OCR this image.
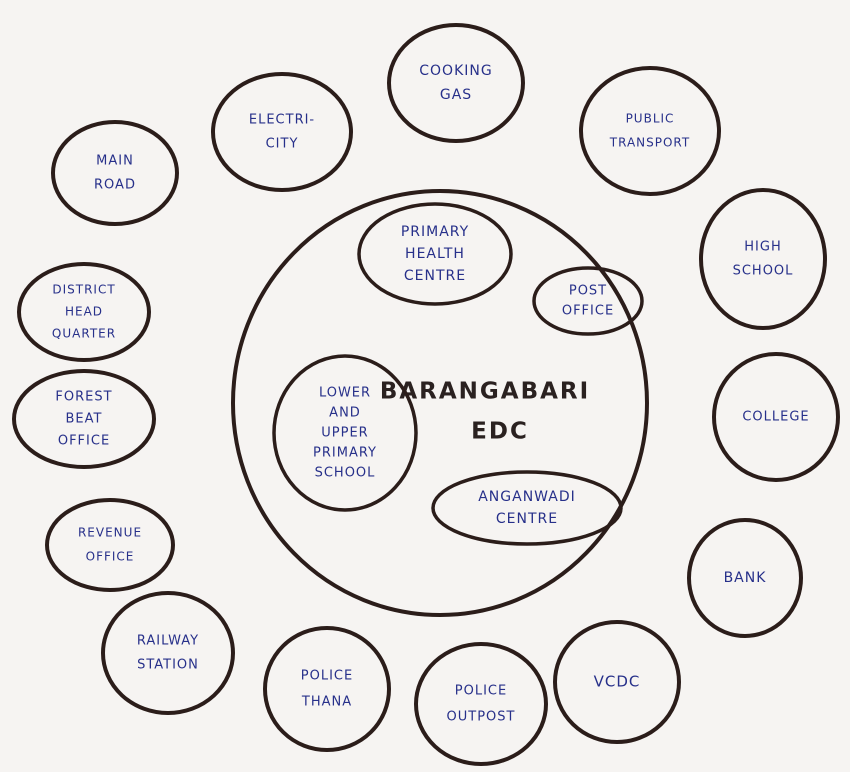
BARANGABARI
EDC
PRIMARY
HEALTH
CENTRE
POST
OFFICE
LOWER
AND
UPPER
PRIMARY
SCHOOL
ANGANWADI
CENTRE
COOKING
GAS
ELECTRI-
CITY
MAIN
ROAD
PUBLIC
TRANSPORT
HIGH
SCHOOL
DISTRICT
HEAD
QUARTER
FOREST
BEAT
OFFICE
COLLEGE
REVENUE
OFFICE
BANK
RAILWAY
STATION
POLICE
THANA
POLICE
OUTPOST
VCDC
